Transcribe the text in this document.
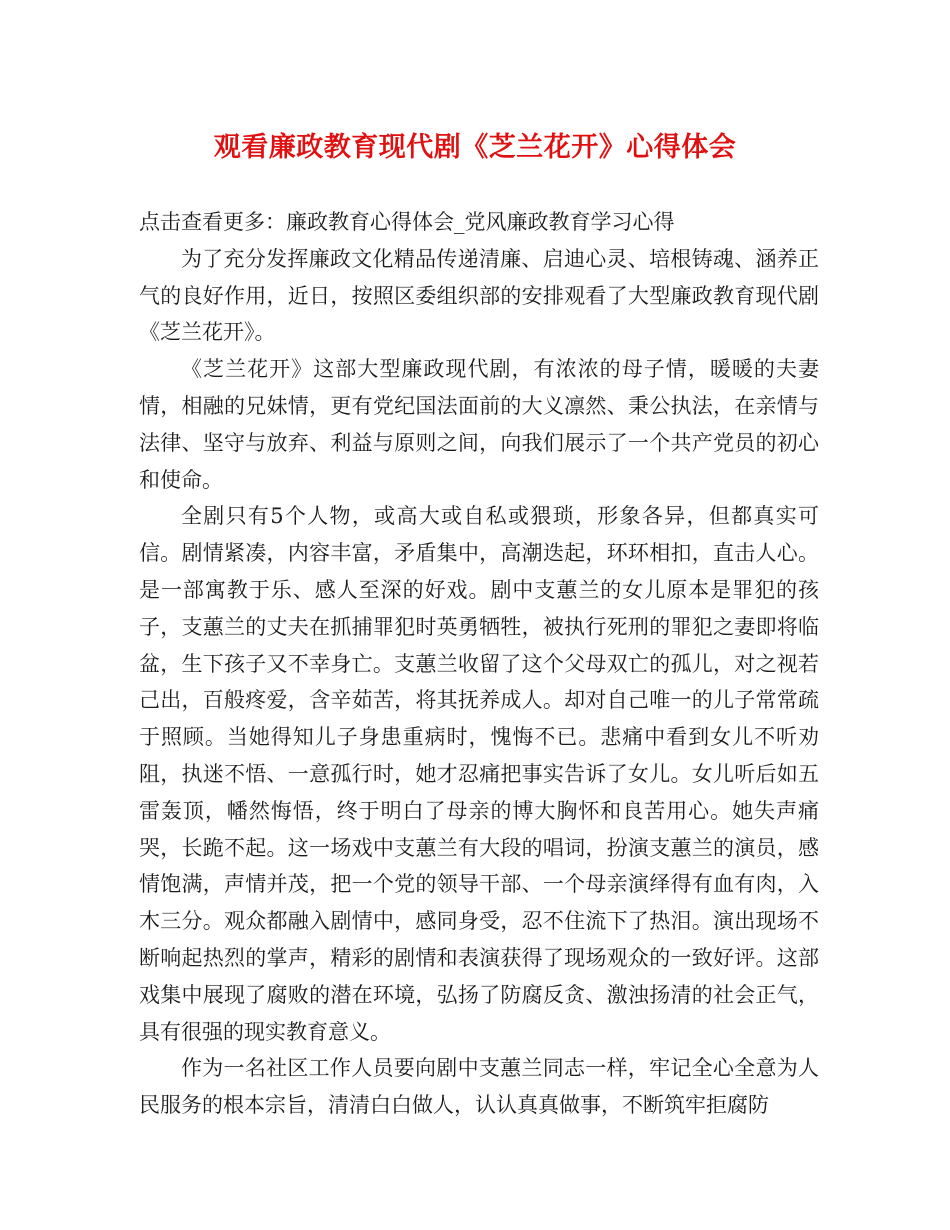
观看廉政教育现代剧《芝兰花开》心得体会

点击查看更多：廉政教育心得体会_党风廉政教育学习心得

为了充分发挥廉政文化精品传递清廉、启迪心灵、培根铸魂、涵养正气的良好作用，近日，按照区委组织部的安排观看了大型廉政教育现代剧《芝兰花开》。

《芝兰花开》这部大型廉政现代剧，有浓浓的母子情，暖暖的夫妻情，相融的兄妹情，更有党纪国法面前的大义凛然、秉公执法，在亲情与法律、坚守与放弃、利益与原则之间，向我们展示了一个共产党员的初心和使命。

全剧只有5个人物，或高大或自私或猥琐，形象各异，但都真实可信。剧情紧凑，内容丰富，矛盾集中，高潮迭起，环环相扣，直击人心。是一部寓教于乐、感人至深的好戏。剧中支蕙兰的女儿原本是罪犯的孩子，支蕙兰的丈夫在抓捕罪犯时英勇牺牲，被执行死刑的罪犯之妻即将临盆，生下孩子又不幸身亡。支蕙兰收留了这个父母双亡的孤儿，对之视若己出，百般疼爱，含辛茹苦，将其抚养成人。却对自己唯一的儿子常常疏于照顾。当她得知儿子身患重病时，愧悔不已。悲痛中看到女儿不听劝阻，执迷不悟、一意孤行时，她才忍痛把事实告诉了女儿。女儿听后如五雷轰顶，幡然悔悟，终于明白了母亲的博大胸怀和良苦用心。她失声痛哭，长跪不起。这一场戏中支蕙兰有大段的唱词，扮演支蕙兰的演员，感情饱满，声情并茂，把一个党的领导干部、一个母亲演绎得有血有肉，入木三分。观众都融入剧情中，感同身受，忍不住流下了热泪。演出现场不断响起热烈的掌声，精彩的剧情和表演获得了现场观众的一致好评。这部戏集中展现了腐败的潜在环境，弘扬了防腐反贪、激浊扬清的社会正气，具有很强的现实教育意义。

作为一名社区工作人员要向剧中支蕙兰同志一样，牢记全心全意为人民服务的根本宗旨，清清白白做人，认认真真做事，不断筑牢拒腐防
